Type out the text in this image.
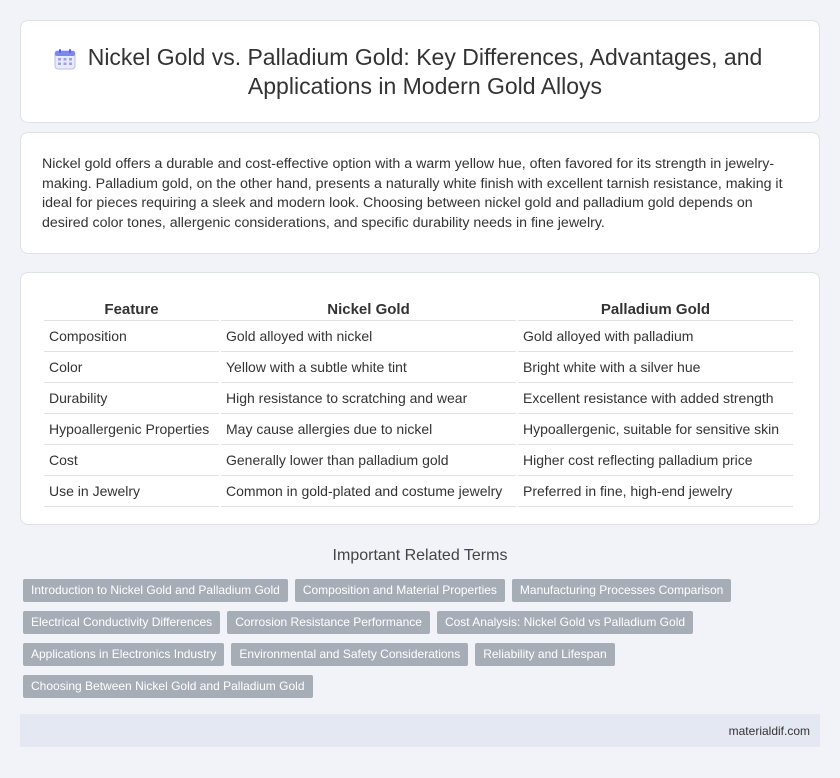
Nickel Gold vs. Palladium Gold: Key Differences, Advantages, and Applications in Modern Gold Alloys

Nickel gold offers a durable and cost-effective option with a warm yellow hue, often favored for its strength in jewelry-making. Palladium gold, on the other hand, presents a naturally white finish with excellent tarnish resistance, making it ideal for pieces requiring a sleek and modern look. Choosing between nickel gold and palladium gold depends on desired color tones, allergenic considerations, and specific durability needs in fine jewelry.

Feature	Nickel Gold	Palladium Gold
Composition	Gold alloyed with nickel	Gold alloyed with palladium
Color	Yellow with a subtle white tint	Bright white with a silver hue
Durability	High resistance to scratching and wear	Excellent resistance with added strength
Hypoallergenic Properties	May cause allergies due to nickel	Hypoallergenic, suitable for sensitive skin
Cost	Generally lower than palladium gold	Higher cost reflecting palladium price
Use in Jewelry	Common in gold-plated and costume jewelry	Preferred in fine, high-end jewelry
Important Related Terms
Introduction to Nickel Gold and Palladium Gold	Composition and Material Properties	Manufacturing Processes Comparison
Electrical Conductivity Differences	Corrosion Resistance Performance	Cost Analysis: Nickel Gold vs Palladium Gold
Applications in Electronics Industry	Environmental and Safety Considerations	Reliability and Lifespan
Choosing Between Nickel Gold and Palladium Gold
materialdif.com
